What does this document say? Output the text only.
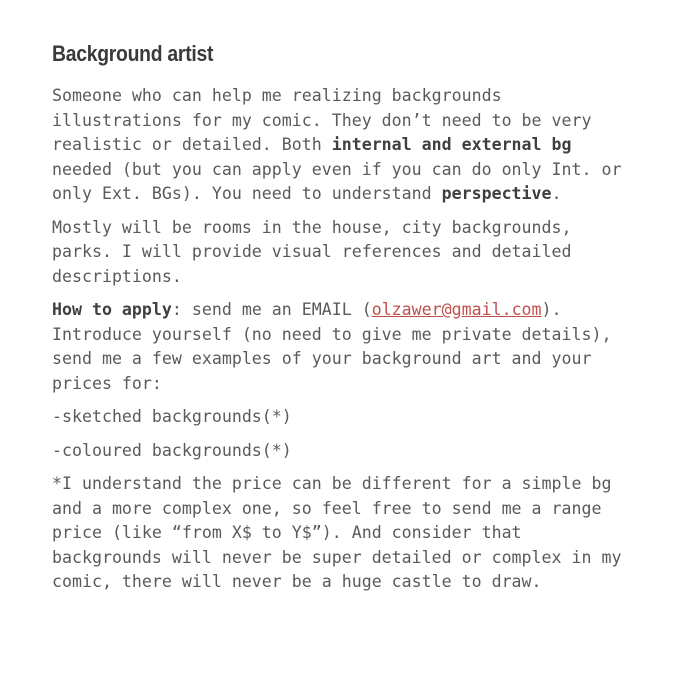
Background artist

Someone who can help me realizing backgrounds
illustrations for my comic. They don’t need to be very
realistic or detailed. Both internal and external bg
needed (but you can apply even if you can do only Int. or
only Ext. BGs). You need to understand perspective.

Mostly will be rooms in the house, city backgrounds,
parks. I will provide visual references and detailed
descriptions.

How to apply: send me an EMAIL (olzawer@gmail.com).
Introduce yourself (no need to give me private details),
send me a few examples of your background art and your
prices for:

-sketched backgrounds(*)

-coloured backgrounds(*)

*I understand the price can be different for a simple bg
and a more complex one, so feel free to send me a range
price (like “from X$ to Y$”). And consider that
backgrounds will never be super detailed or complex in my
comic, there will never be a huge castle to draw.
